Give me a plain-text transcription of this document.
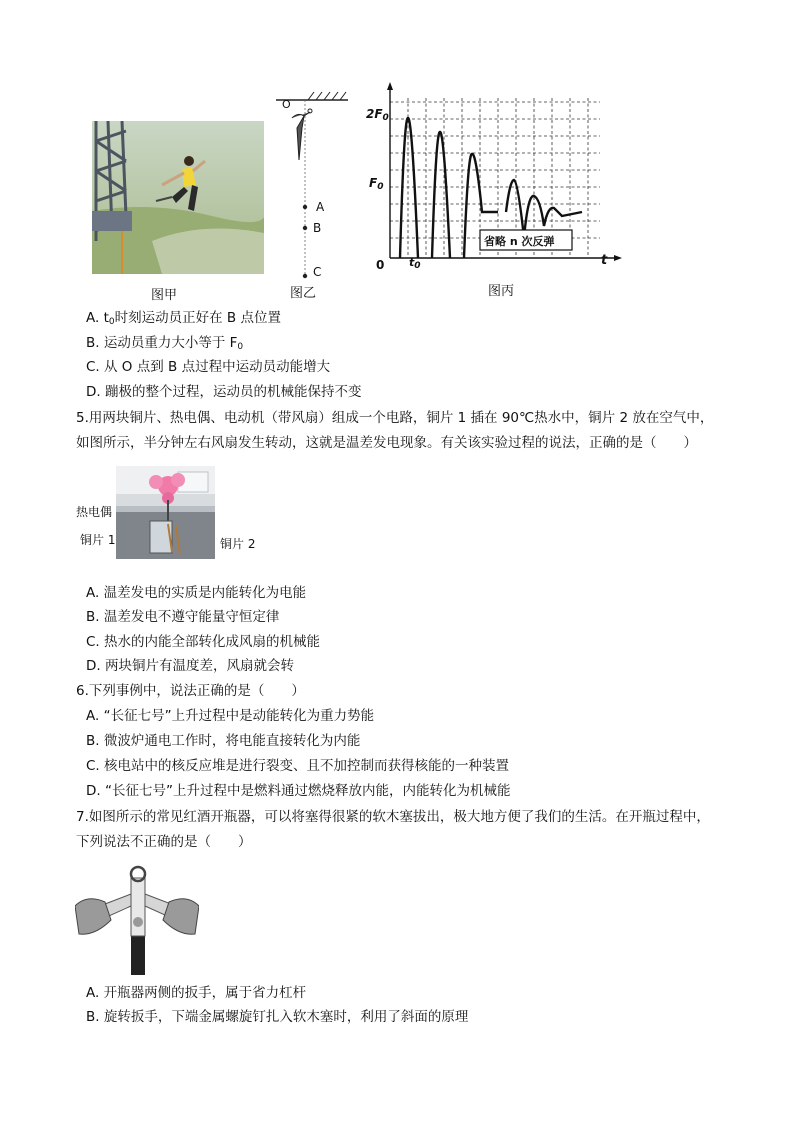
图甲
O
A
B
C
图乙
$2F_0$
$F_0$
0 $t_0$	t
省略 n 次反弹
图丙
A. $t_0$时刻运动员正好在 B 点位置
B. 运动员重力大小等于 $F_0$
C. 从 O 点到 B 点过程中运动员动能增大
D. 蹦极的整个过程，运动员的机械能保持不变
5.用两块铜片、热电偶、电动机（带风扇）组成一个电路，铜片 1 插在 90℃热水中，铜片 2 放在空气中，
如图所示，半分钟左右风扇发生转动，这就是温差发电现象。有关该实验过程的说法，正确的是（　　）
热电偶
铜片 1	铜片 2
A. 温差发电的实质是内能转化为电能
B. 温差发电不遵守能量守恒定律
C. 热水的内能全部转化成风扇的机械能
D. 两块铜片有温度差，风扇就会转
6.下列事例中，说法正确的是（　　）
A. “长征七号”上升过程中是动能转化为重力势能
B. 微波炉通电工作时，将电能直接转化为内能
C. 核电站中的核反应堆是进行裂变、且不加控制而获得核能的一种装置
D. “长征七号”上升过程中是燃料通过燃烧释放内能，内能转化为机械能
7.如图所示的常见红酒开瓶器，可以将塞得很紧的软木塞拔出，极大地方便了我们的生活。在开瓶过程中，
下列说法不正确的是（　　）
A. 开瓶器两侧的扳手，属于省力杠杆
B. 旋转扳手，下端金属螺旋钉扎入软木塞时，利用了斜面的原理
